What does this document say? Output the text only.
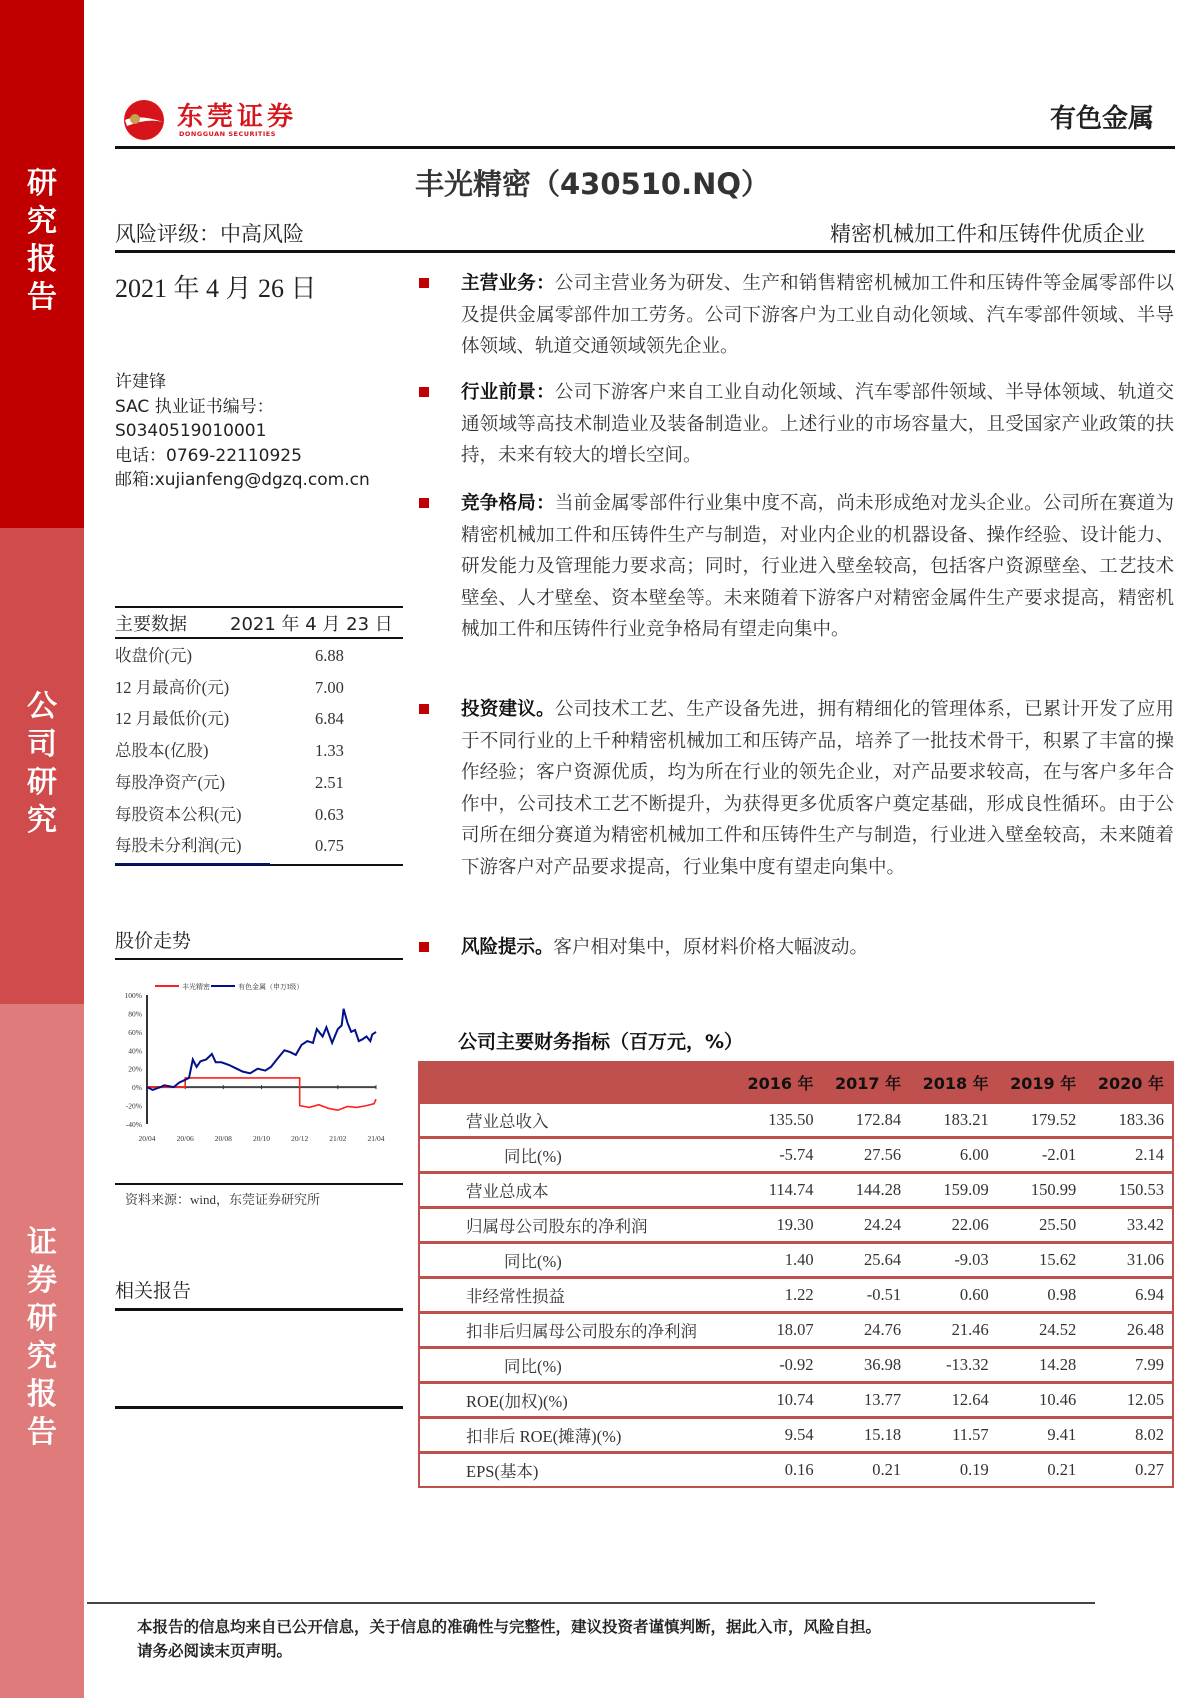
研究报告
公司研究
证券研究报告
东莞证券
DONGGUAN SECURITIES	有色金属
丰光精密（430510.NQ）
风险评级：中高风险	精密机械加工件和压铸件优质企业
2021 年 4 月 26 日
许建锋
SAC 执业证书编号：
S0340519010001
电话：0769-22110925
邮箱:xujianfeng@dgzq.com.cn
主要数据 2021 年 4 月 23 日
收盘价(元)	6.88
12 月最高价(元)	7.00
12 月最低价(元)	6.84
总股本(亿股)	1.33
每股净资产(元)	2.51
每股资本公积(元)	0.63
每股未分利润(元)	0.75
股价走势
100%
80%
60%
40%
20%
0%
-20%
-40%
20/04	20/06	20/08	20/10	20/12	21/02	21/04
丰光精密	有色金属（申万I级）
资料来源：wind，东莞证券研究所
相关报告
主营业务：公司主营业务为研发、生产和销售精密机械加工件和压铸件等金属零部件以及提供金属零部件加工劳务。公司下游客户为工业自动化领域、汽车零部件领域、半导体领域、轨道交通领域领先企业。
行业前景：公司下游客户来自工业自动化领域、汽车零部件领域、半导体领域、轨道交通领域等高技术制造业及装备制造业。上述行业的市场容量大，且受国家产业政策的扶持，未来有较大的增长空间。
竞争格局：当前金属零部件行业集中度不高，尚未形成绝对龙头企业。公司所在赛道为精密机械加工件和压铸件生产与制造，对业内企业的机器设备、操作经验、设计能力、研发能力及管理能力要求高；同时，行业进入壁垒较高，包括客户资源壁垒、工艺技术壁垒、人才壁垒、资本壁垒等。未来随着下游客户对精密金属件生产要求提高，精密机械加工件和压铸件行业竞争格局有望走向集中。
投资建议。公司技术工艺、生产设备先进，拥有精细化的管理体系，已累计开发了应用于不同行业的上千种精密机械加工和压铸产品，培养了一批技术骨干，积累了丰富的操作经验；客户资源优质，均为所在行业的领先企业，对产品要求较高，在与客户多年合作中，公司技术工艺不断提升，为获得更多优质客户奠定基础，形成良性循环。由于公司所在细分赛道为精密机械加工件和压铸件生产与制造，行业进入壁垒较高，未来随着下游客户对产品要求提高，行业集中度有望走向集中。
风险提示。客户相对集中，原材料价格大幅波动。
公司主要财务指标（百万元，%）
	2016 年	2017 年	2018 年	2019 年	2020 年
营业总收入	135.50	172.84	183.21	179.52	183.36
同比(%)	-5.74	27.56	6.00	-2.01	2.14
营业总成本	114.74	144.28	159.09	150.99	150.53
归属母公司股东的净利润	19.30	24.24	22.06	25.50	33.42
同比(%)	1.40	25.64	-9.03	15.62	31.06
非经常性损益	1.22	-0.51	0.60	0.98	6.94
扣非后归属母公司股东的净利润	18.07	24.76	21.46	24.52	26.48
同比(%)	-0.92	36.98	-13.32	14.28	7.99
ROE(加权)(%)	10.74	13.77	12.64	10.46	12.05
扣非后 ROE(摊薄)(%)	9.54	15.18	11.57	9.41	8.02
EPS(基本)	0.16	0.21	0.19	0.21	0.27
本报告的信息均来自已公开信息，关于信息的准确性与完整性，建议投资者谨慎判断，据此入市，风险自担。
请务必阅读末页声明。
